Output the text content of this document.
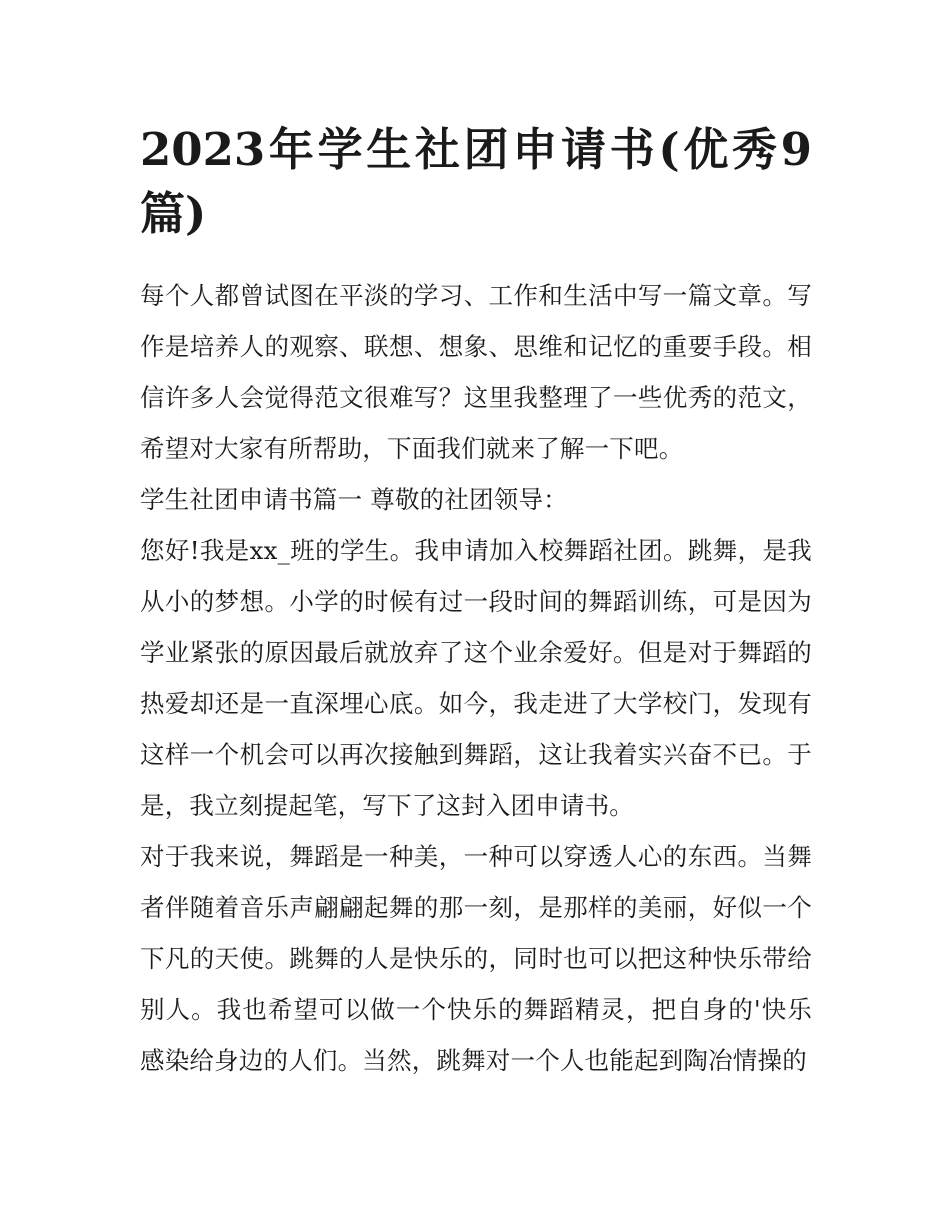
2023年学生社团申请书(优秀9篇)

每个人都曾试图在平淡的学习、工作和生活中写一篇文章。写作是培养人的观察、联想、想象、思维和记忆的重要手段。相信许多人会觉得范文很难写？这里我整理了一些优秀的范文，希望对大家有所帮助，下面我们就来了解一下吧。

学生社团申请书篇一 尊敬的社团领导：

您好!我是xx_班的学生。我申请加入校舞蹈社团。跳舞，是我从小的梦想。小学的时候有过一段时间的舞蹈训练，可是因为学业紧张的原因最后就放弃了这个业余爱好。但是对于舞蹈的热爱却还是一直深埋心底。如今，我走进了大学校门，发现有这样一个机会可以再次接触到舞蹈，这让我着实兴奋不已。于是，我立刻提起笔，写下了这封入团申请书。

对于我来说，舞蹈是一种美，一种可以穿透人心的东西。当舞者伴随着音乐声翩翩起舞的那一刻，是那样的美丽，好似一个下凡的天使。跳舞的人是快乐的，同时也可以把这种快乐带给别人。我也希望可以做一个快乐的舞蹈精灵，把自身的'快乐感染给身边的人们。当然，跳舞对一个人也能起到陶冶情操的
